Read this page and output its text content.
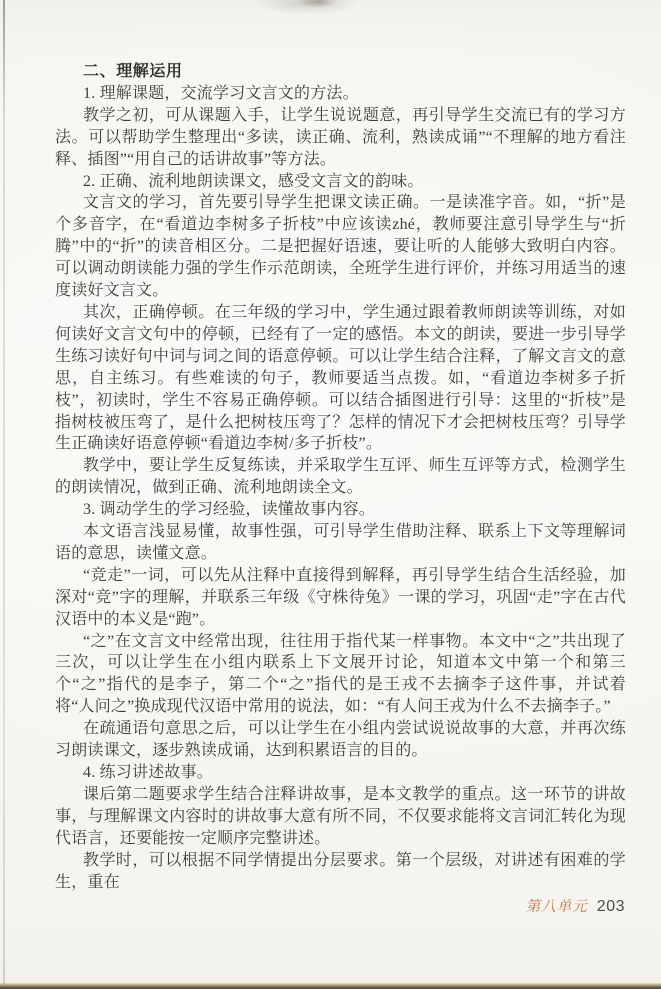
二、理解运用

1. 理解课题，交流学习文言文的方法。

教学之初，可从课题入手，让学生说说题意，再引导学生交流已有的学习方法。可以帮助学生整理出“多读，读正确、流利，熟读成诵”“不理解的地方看注释、插图”“用自己的话讲故事”等方法。

2. 正确、流利地朗读课文，感受文言文的韵味。

文言文的学习，首先要引导学生把课文读正确。一是读准字音。如，“折”是个多音字，在“看道边李树多子折枝”中应该读zhé，教师要注意引导学生与“折腾”中的“折”的读音相区分。二是把握好语速，要让听的人能够大致明白内容。可以调动朗读能力强的学生作示范朗读，全班学生进行评价，并练习用适当的速度读好文言文。

其次，正确停顿。在三年级的学习中，学生通过跟着教师朗读等训练，对如何读好文言文句中的停顿，已经有了一定的感悟。本文的朗读，要进一步引导学生练习读好句中词与词之间的语意停顿。可以让学生结合注释，了解文言文的意思，自主练习。有些难读的句子，教师要适当点拨。如，“看道边李树多子折枝”，初读时，学生不容易正确停顿。可以结合插图进行引导：这里的“折枝”是指树枝被压弯了，是什么把树枝压弯了？怎样的情况下才会把树枝压弯？引导学生正确读好语意停顿“看道边李树/多子折枝”。

教学中，要让学生反复练读，并采取学生互评、师生互评等方式，检测学生的朗读情况，做到正确、流利地朗读全文。

3. 调动学生的学习经验，读懂故事内容。

本文语言浅显易懂，故事性强，可引导学生借助注释、联系上下文等理解词语的意思，读懂文意。

“竞走”一词，可以先从注释中直接得到解释，再引导学生结合生活经验，加深对“竞”字的理解，并联系三年级《守株待兔》一课的学习，巩固“走”字在古代汉语中的本义是“跑”。

“之”在文言文中经常出现，往往用于指代某一样事物。本文中“之”共出现了三次，可以让学生在小组内联系上下文展开讨论，知道本文中第一个和第三个“之”指代的是李子，第二个“之”指代的是王戎不去摘李子这件事，并试着将“人问之”换成现代汉语中常用的说法，如：“有人问王戎为什么不去摘李子。”

在疏通语句意思之后，可以让学生在小组内尝试说说故事的大意，并再次练习朗读课文，逐步熟读成诵，达到积累语言的目的。

4. 练习讲述故事。

课后第二题要求学生结合注释讲故事，是本文教学的重点。这一环节的讲故事，与理解课文内容时的讲故事大意有所不同，不仅要求能将文言词汇转化为现代语言，还要能按一定顺序完整讲述。

教学时，可以根据不同学情提出分层要求。第一个层级，对讲述有困难的学生，重在

第八单元 203
